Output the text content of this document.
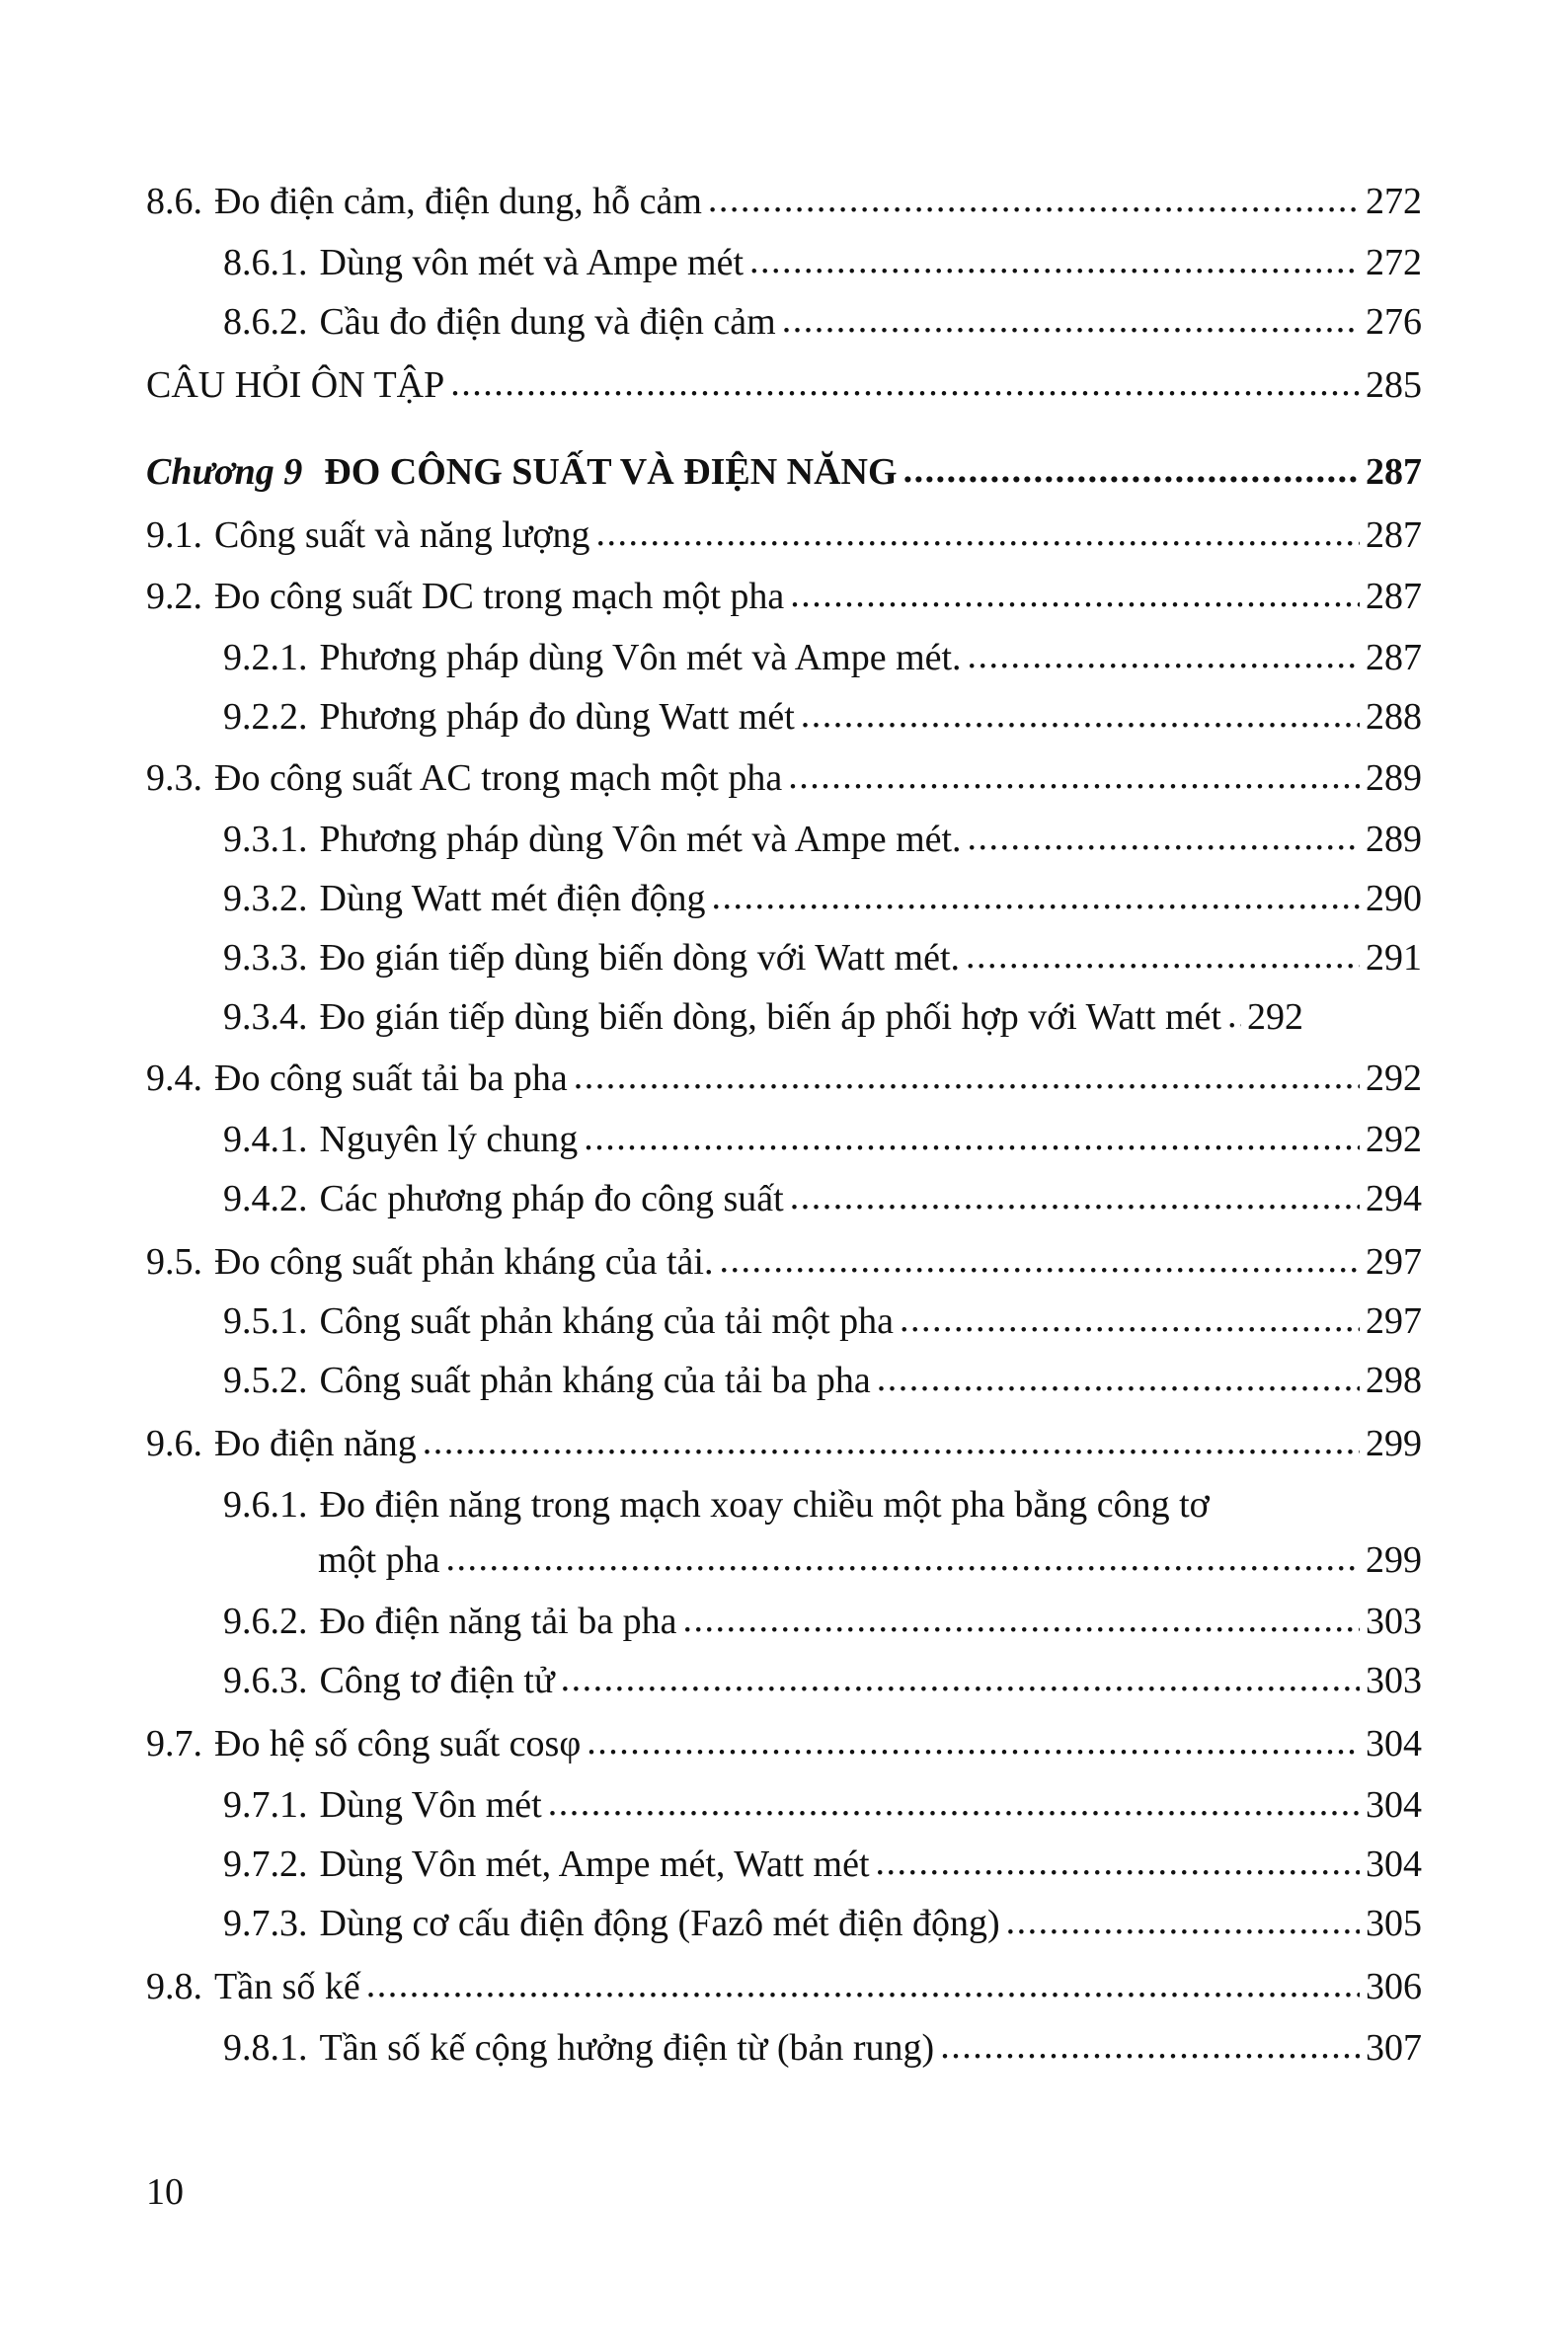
8.6. Đo điện cảm, điện dung, hỗ cảm . . .	272
8.6.1. Dùng vôn mét và Ampe mét . . .	272
8.6.2. Cầu đo điện dung và điện cảm . . .	276
CÂU HỎI ÔN TẬP . . .	285
Chương 9 ĐO CÔNG SUẤT VÀ ĐIỆN NĂNG . . .	287
9.1. Công suất và năng lượng . . .	287
9.2. Đo công suất DC trong mạch một pha . . .	287
9.2.1. Phương pháp dùng Vôn mét và Ampe mét. . . .	287
9.2.2. Phương pháp đo dùng Watt mét . . .	288
9.3. Đo công suất AC trong mạch một pha . . .	289
9.3.1. Phương pháp dùng Vôn mét và Ampe mét. . . .	289
9.3.2. Dùng Watt mét điện động . . .	290
9.3.3. Đo gián tiếp dùng biến dòng với Watt mét. . . .	291
9.3.4. Đo gián tiếp dùng biến dòng, biến áp phối hợp với Watt mét . . . 292
9.4. Đo công suất tải ba pha . . .	292
9.4.1. Nguyên lý chung . . .	292
9.4.2. Các phương pháp đo công suất . . .	294
9.5. Đo công suất phản kháng của tải. . . .	297
9.5.1. Công suất phản kháng của tải một pha . . .	297
9.5.2. Công suất phản kháng của tải ba pha . . .	298
9.6. Đo điện năng . . .	299
9.6.1. Đo điện năng trong mạch xoay chiều một pha bằng công tơ
một pha . . .	299
9.6.2. Đo điện năng tải ba pha . . .	303
9.6.3. Công tơ điện tử . . .	303
9.7. Đo hệ số công suất cosφ . . .	304
9.7.1. Dùng Vôn mét . . .	304
9.7.2. Dùng Vôn mét, Ampe mét, Watt mét . . .	304
9.7.3. Dùng cơ cấu điện động (Fazô mét điện động) . . .	305
9.8. Tần số kế . . .	306
9.8.1. Tần số kế cộng hưởng điện từ (bản rung) . . .	307
10
